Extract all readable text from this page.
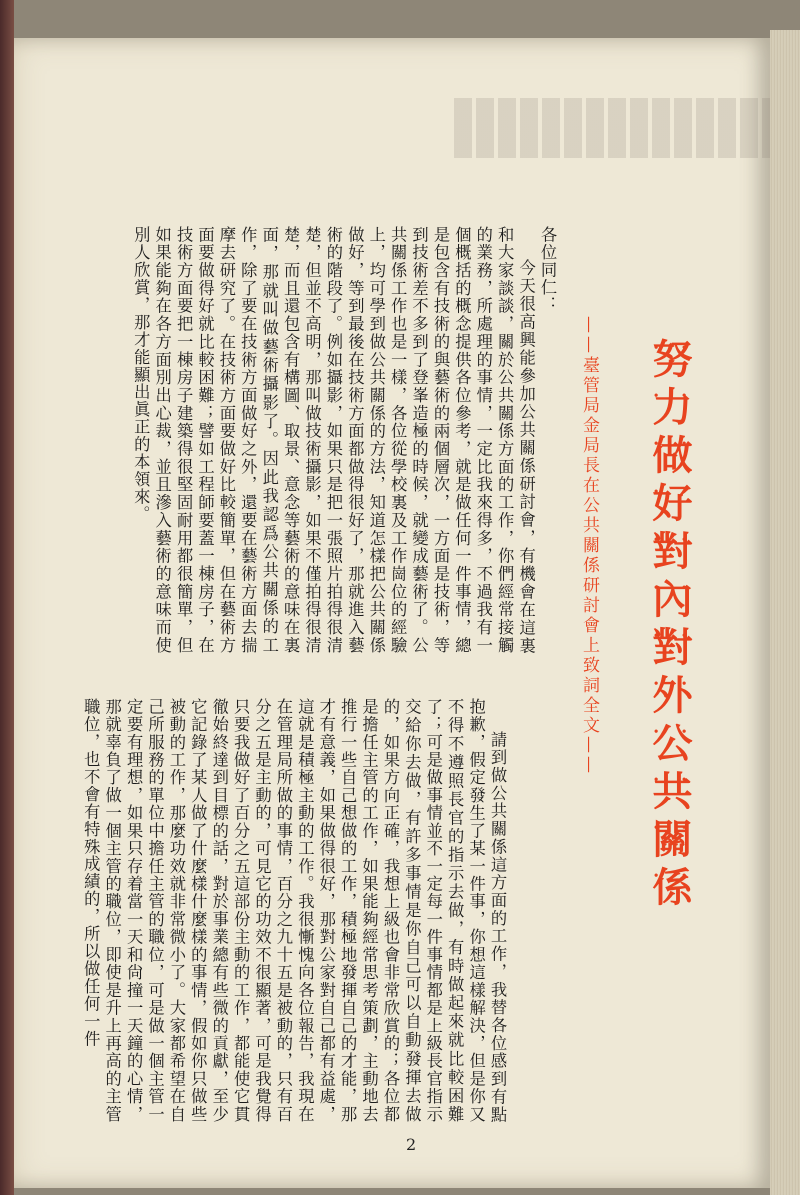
· 努 ·· 力 ·· 做 ·· 好 ·· 對 ·· 內 ·· 對 ·· 外 ·· 公 ·· 共 ·· 關 ·· 係 ·
——臺管局金局長在公共關係研討會上致詞全文——
各位同仁：
今天很高興能參加公共關係研討會，有機會在這裏和大家談談，關於公共關係方面的工作，你們經常接觸的業務，所處理的事情，一定比我來得多，不過我有一個概括的概念提供各位參考，就是做任何一件事情，總是包含有技術的與藝術的兩個層次，一方面是技術，等到技術差不多到了登峯造極的時候，就變成藝術了。公共關係工作也是一樣，各位從學校裏及工作崗位的經驗上，均可學到做公共關係的方法，知道怎樣把公共關係做好，等到最後在技術方面都做得很好了，那就進入藝術的階段了。例如攝影，如果只是把一張照片拍得很清楚，但並不高明，那叫做技術攝影，如果不僅拍得很清楚，而且還包含有構圖、取景、意念等藝術的意味在裏面，那就叫做藝術攝影了。因此我認爲公共關係的工作，除了要在技術方面做好之外，還要在藝術方面去揣摩去研究了。在技術方面要做好比較簡單，但在藝術方面要做得好就比較困難；譬如工程師要蓋一棟房子，在技術方面要把一棟房子建築得很堅固耐用都很簡單，但如果能夠在各方面別出心裁，並且滲入藝術的意味而使別人欣賞，那才能顯出眞正的本領來。
請到做公共關係這方面的工作，我替各位感到有點抱歉，假定發生了某一件事，你想這樣解決，但是你又不得不遵照長官的指示去做，有時做起來就比較困難了；可是做事情並不一定每一件事情都是上級長官指示交給你去做，有許多事情是你自己可以自動發揮去做的，如果方向正確，我想上級也會非常欣賞的；各位都是擔任主管的工作，如果能夠經常思考策劃，主動地去推行一些自己想做的工作，積極地發揮自己的才能，那才有意義，如果做得很好，那對公家對自己都有益處，這就是積極主動的工作。我很慚愧向各位報告，我現在在管理局所做的事情，百分之九十五是被動的，只有百分之五是主動的，可見它的功效不很顯著，可是我覺得只要我做好了百分之五這部份主動的工作，都能使它貫徹始終達到目標的話，對於事業總有些微的貢獻，至少它記錄了某人做了什麼樣什麼樣的事情，假如你只做些被動的工作，那麼功效就非常微小了。大家都希望在自己所服務的單位中擔任主管的職位，可是做一個主管一定要有理想，如果只存着當一天和尙撞一天鐘的心情，那就辜負了做一個主管的職位，即使是升上再高的主管職位，也不會有特殊成績的，所以做任何一件
2
